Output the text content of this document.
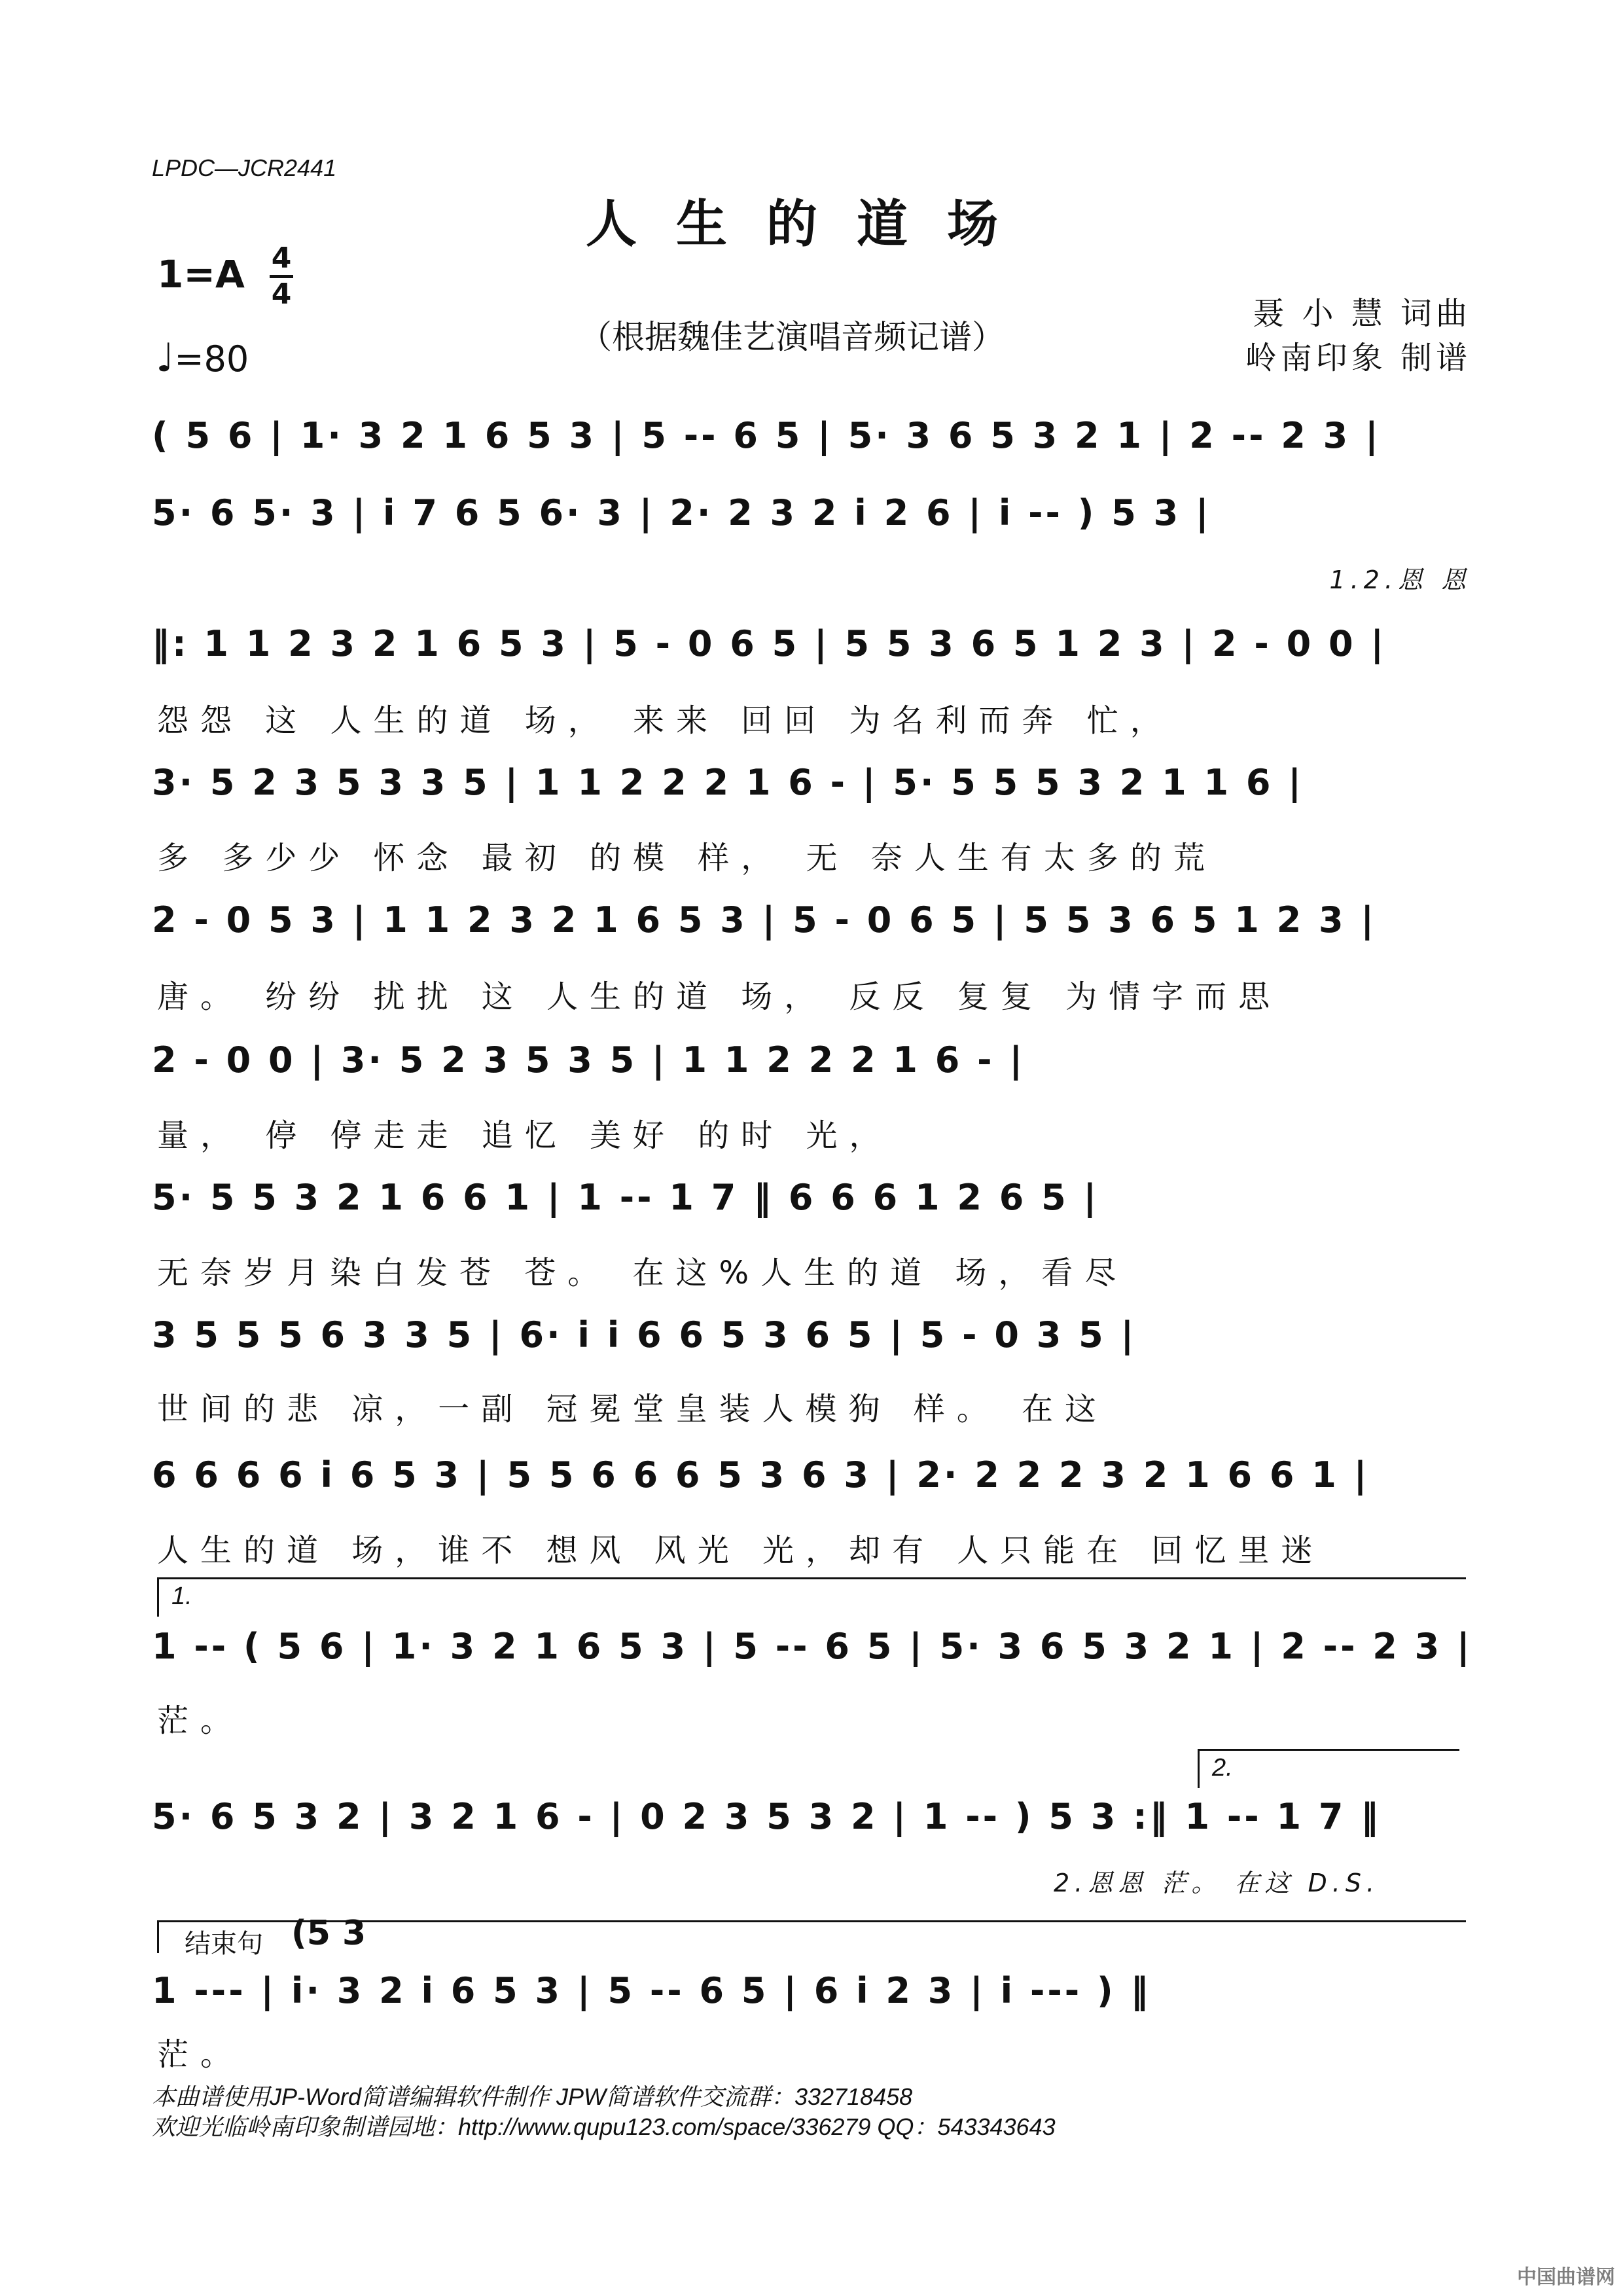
LPDC—JCR2441
人生的道场
1=A 4
4
♩=80
（根据魏佳艺演唱音频记谱）
聂 小 慧 词曲
岭南印象 制谱
( 5 6 | 1· 3 2 1 6 5 3 | 5 -- 6 5 | 5· 3 6 5 3 2 1 | 2 -- 2 3 |
5· 6 5· 3 | i 7 6 5 6· 3 | 2· 2 3 2 i 2 6 | i -- ) 5 3 |
1.2.恩 恩
‖: 1 1 2 3 2 1 6 5 3 | 5 - 0 6 5 | 5 5 3 6 5 1 2 3 | 2 - 0 0 |
怨怨 这 人生的道 场， 来来 回回 为名利而奔 忙，
3· 5 2 3 5 3 3 5 | 1 1 2 2 2 1 6 - | 5· 5 5 5 3 2 1 1 6 |
多 多少少 怀念 最初 的模 样， 无 奈人生有太多的荒
2 - 0 5 3 | 1 1 2 3 2 1 6 5 3 | 5 - 0 6 5 | 5 5 3 6 5 1 2 3 |
唐。 纷纷 扰扰 这 人生的道 场， 反反 复复 为情字而思
2 - 0 0 | 3· 5 2 3 5 3 5 | 1 1 2 2 2 1 6 - |
量， 停 停走走 追忆 美好 的时 光，
5· 5 5 3 2 1 6 6 1 | 1 -- 1 7 ‖ 6 6 6 1 2 6 5 |
无奈岁月染白发苍 苍。 在这%人生的道 场，看尽
3 5 5 5 6 3 3 5 | 6· i i 6 6 5 3 6 5 | 5 - 0 3 5 |
世间的悲 凉，一副 冠冕堂皇装人模狗 样。 在这
6 6 6 6 i 6 5 3 | 5 5 6 6 6 5 3 6 3 | 2· 2 2 2 3 2 1 6 6 1 |
人生的道 场，谁不 想风 风光 光，却有 人只能在 回忆里迷
1.
1 -- ( 5 6 | 1· 3 2 1 6 5 3 | 5 -- 6 5 | 5· 3 6 5 3 2 1 | 2 -- 2 3 |
茫。
2.
5· 6 5 3 2 | 3 2 1 6 - | 0 2 3 5 3 2 | 1 -- ) 5 3 :‖ 1 -- 1 7 ‖
2.恩恩 茫。 在这 D.S.
结束句 (5 3
1 --- | i· 3 2 i 6 5 3 | 5 -- 6 5 | 6 i 2 3 | i --- ) ‖
茫。
本曲谱使用JP-Word简谱编辑软件制作 JPW简谱软件交流群：332718458
欢迎光临岭南印象制谱园地：http://www.qupu123.com/space/336279 QQ：543343643
中国曲谱网
